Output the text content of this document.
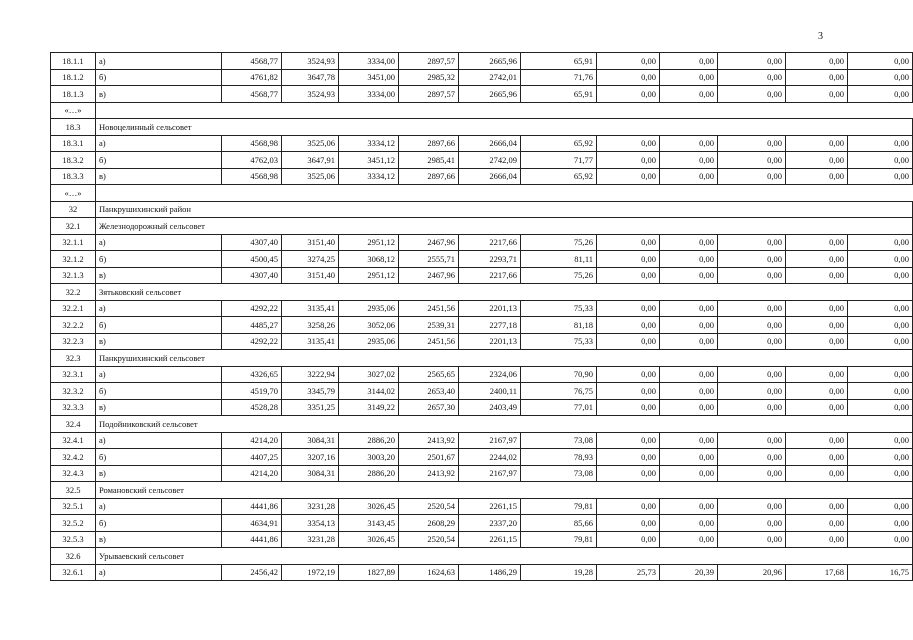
3
18.1.1	а)	4568,77	3524,93	3334,00	2897,57	2665,96	65,91	0,00	0,00	0,00	0,00	0,00
18.1.2	б)	4761,82	3647,78	3451,00	2985,32	2742,01	71,76	0,00	0,00	0,00	0,00	0,00
18.1.3	в)	4568,77	3524,93	3334,00	2897,57	2665,96	65,91	0,00	0,00	0,00	0,00	0,00
«…»												
18.3	Новоцелинный сельсовет											
18.3.1	а)	4568,98	3525,06	3334,12	2897,66	2666,04	65,92	0,00	0,00	0,00	0,00	0,00
18.3.2	б)	4762,03	3647,91	3451,12	2985,41	2742,09	71,77	0,00	0,00	0,00	0,00	0,00
18.3.3	в)	4568,98	3525,06	3334,12	2897,66	2666,04	65,92	0,00	0,00	0,00	0,00	0,00
«…»												
32	Панкрушихинский район											
32.1	Железнодорожный сельсовет											
32.1.1	а)	4307,40	3151,40	2951,12	2467,96	2217,66	75,26	0,00	0,00	0,00	0,00	0,00
32.1.2	б)	4500,45	3274,25	3068,12	2555,71	2293,71	81,11	0,00	0,00	0,00	0,00	0,00
32.1.3	в)	4307,40	3151,40	2951,12	2467,96	2217,66	75,26	0,00	0,00	0,00	0,00	0,00
32.2	Зятьковский сельсовет											
32.2.1	а)	4292,22	3135,41	2935,06	2451,56	2201,13	75,33	0,00	0,00	0,00	0,00	0,00
32.2.2	б)	4485,27	3258,26	3052,06	2539,31	2277,18	81,18	0,00	0,00	0,00	0,00	0,00
32.2.3	в)	4292,22	3135,41	2935,06	2451,56	2201,13	75,33	0,00	0,00	0,00	0,00	0,00
32.3	Панкрушихинский сельсовет											
32.3.1	а)	4326,65	3222,94	3027,02	2565,65	2324,06	70,90	0,00	0,00	0,00	0,00	0,00
32.3.2	б)	4519,70	3345,79	3144,02	2653,40	2400,11	76,75	0,00	0,00	0,00	0,00	0,00
32.3.3	в)	4528,28	3351,25	3149,22	2657,30	2403,49	77,01	0,00	0,00	0,00	0,00	0,00
32.4	Подойниковский сельсовет											
32.4.1	а)	4214,20	3084,31	2886,20	2413,92	2167,97	73,08	0,00	0,00	0,00	0,00	0,00
32.4.2	б)	4407,25	3207,16	3003,20	2501,67	2244,02	78,93	0,00	0,00	0,00	0,00	0,00
32.4.3	в)	4214,20	3084,31	2886,20	2413,92	2167,97	73,08	0,00	0,00	0,00	0,00	0,00
32.5	Романовский сельсовет											
32.5.1	а)	4441,86	3231,28	3026,45	2520,54	2261,15	79,81	0,00	0,00	0,00	0,00	0,00
32.5.2	б)	4634,91	3354,13	3143,45	2608,29	2337,20	85,66	0,00	0,00	0,00	0,00	0,00
32.5.3	в)	4441,86	3231,28	3026,45	2520,54	2261,15	79,81	0,00	0,00	0,00	0,00	0,00
32.6	Урываевский сельсовет											
32.6.1	а)	2456,42	1972,19	1827,89	1624,63	1486,29	19,28	25,73	20,39	20,96	17,68	16,75
